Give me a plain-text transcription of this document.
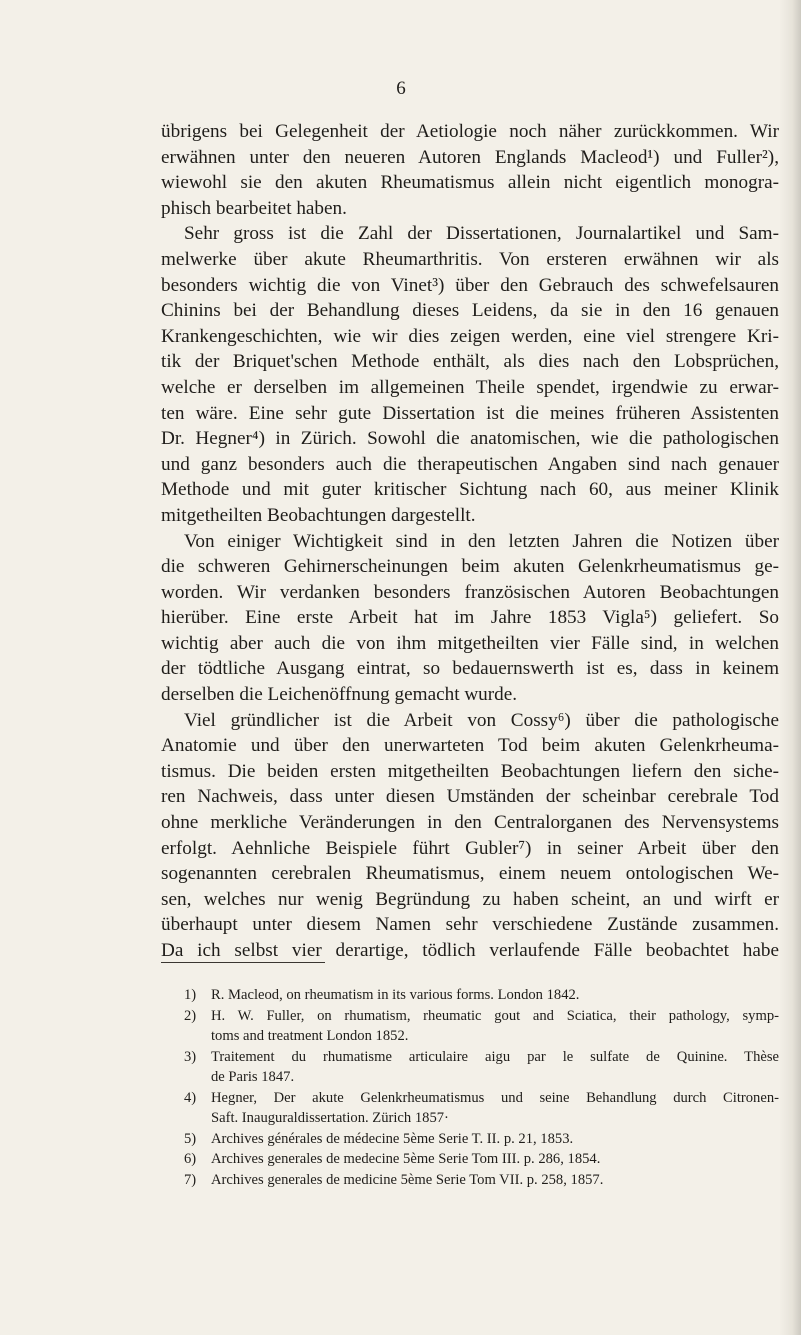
6
übrigens bei Gelegenheit der Aetiologie noch näher zurückkommen. Wir
erwähnen unter den neueren Autoren Englands Macleod¹) und Fuller²),
wiewohl sie den akuten Rheumatismus allein nicht eigentlich monogra-
phisch bearbeitet haben.
Sehr gross ist die Zahl der Dissertationen, Journalartikel und Sam-
melwerke über akute Rheumarthritis. Von ersteren erwähnen wir als
besonders wichtig die von Vinet³) über den Gebrauch des schwefelsauren
Chinins bei der Behandlung dieses Leidens, da sie in den 16 genauen
Krankengeschichten, wie wir dies zeigen werden, eine viel strengere Kri-
tik der Briquet'schen Methode enthält, als dies nach den Lobsprüchen,
welche er derselben im allgemeinen Theile spendet, irgendwie zu erwar-
ten wäre. Eine sehr gute Dissertation ist die meines früheren Assistenten
Dr. Hegner⁴) in Zürich. Sowohl die anatomischen, wie die pathologischen
und ganz besonders auch die therapeutischen Angaben sind nach genauer
Methode und mit guter kritischer Sichtung nach 60, aus meiner Klinik
mitgetheilten Beobachtungen dargestellt.
Von einiger Wichtigkeit sind in den letzten Jahren die Notizen über
die schweren Gehirnerscheinungen beim akuten Gelenkrheumatismus ge-
worden. Wir verdanken besonders französischen Autoren Beobachtungen
hierüber. Eine erste Arbeit hat im Jahre 1853 Vigla⁵) geliefert. So
wichtig aber auch die von ihm mitgetheilten vier Fälle sind, in welchen
der tödtliche Ausgang eintrat, so bedauernswerth ist es, dass in keinem
derselben die Leichenöffnung gemacht wurde.
Viel gründlicher ist die Arbeit von Cossy⁶) über die pathologische
Anatomie und über den unerwarteten Tod beim akuten Gelenkrheuma-
tismus. Die beiden ersten mitgetheilten Beobachtungen liefern den siche-
ren Nachweis, dass unter diesen Umständen der scheinbar cerebrale Tod
ohne merkliche Veränderungen in den Centralorganen des Nervensystems
erfolgt. Aehnliche Beispiele führt Gubler⁷) in seiner Arbeit über den
sogenannten cerebralen Rheumatismus, einem neuem ontologischen We-
sen, welches nur wenig Begründung zu haben scheint, an und wirft er
überhaupt unter diesem Namen sehr verschiedene Zustände zusammen.
Da ich selbst vier derartige, tödlich verlaufende Fälle beobachtet habe
1) R. Macleod, on rheumatism in its various forms. London 1842.
2) H. W. Fuller, on rhumatism, rheumatic gout and Sciatica, their pathology, symp-
toms and treatment London 1852.
3) Traitement du rhumatisme articulaire aigu par le sulfate de Quinine. Thèse
de Paris 1847.
4) Hegner, Der akute Gelenkrheumatismus und seine Behandlung durch Citronen-
Saft. Inauguraldissertation. Zürich 1857·
5) Archives générales de médecine 5ème Serie T. II. p. 21, 1853.
6) Archives generales de medecine 5ème Serie Tom III. p. 286, 1854.
7) Archives generales de medicine 5ème Serie Tom VII. p. 258, 1857.
